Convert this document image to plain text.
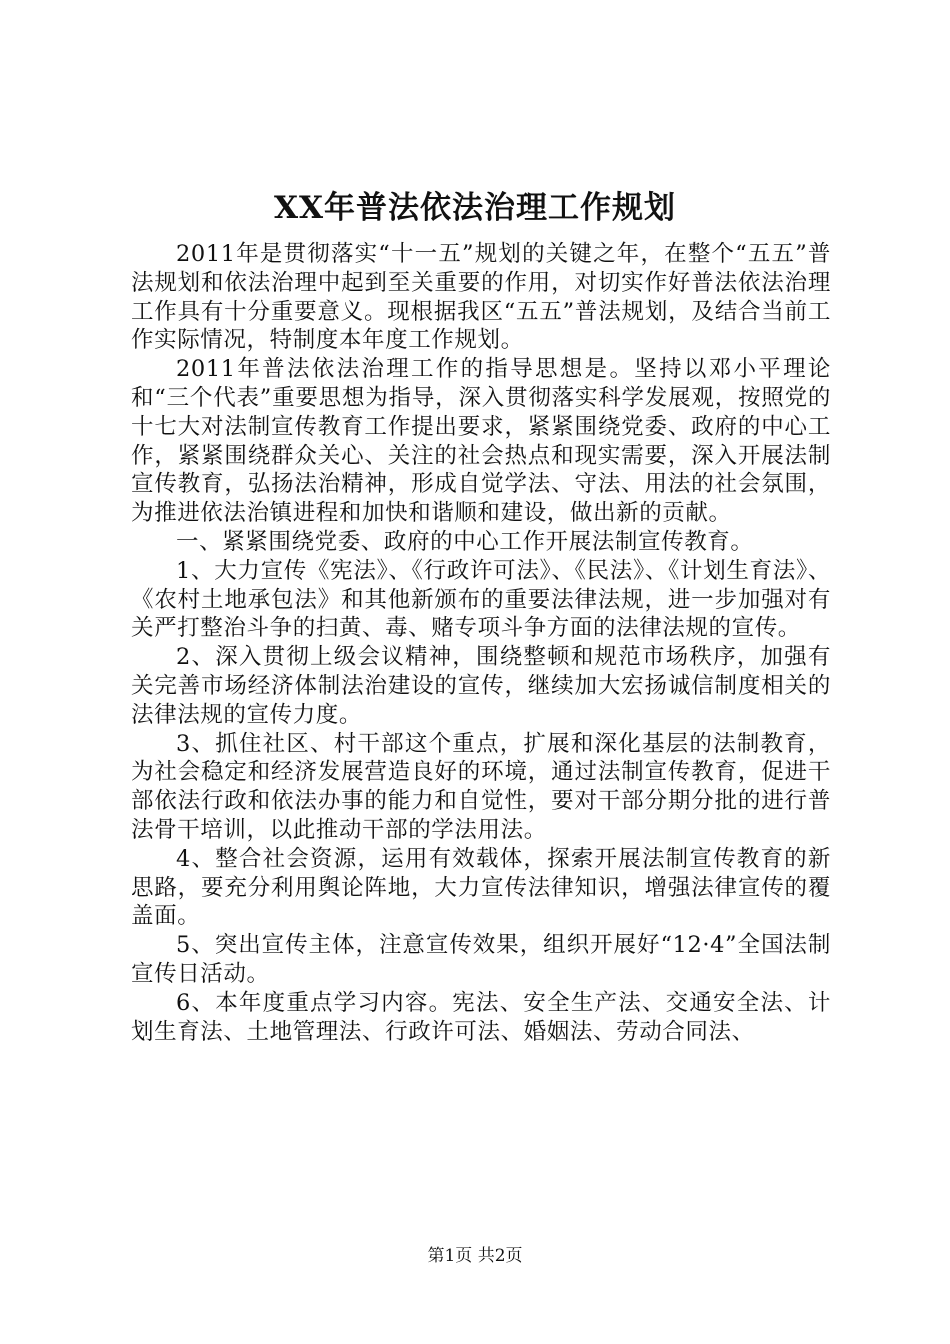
XX年普法依法治理工作规划

2011年是贯彻落实“十一五”规划的关键之年，在整个“五五”普法规划和依法治理中起到至关重要的作用，对切实作好普法依法治理工作具有十分重要意义。现根据我区“五五”普法规划，及结合当前工作实际情况，特制度本年度工作规划。

2011年普法依法治理工作的指导思想是。坚持以邓小平理论和“三个代表”重要思想为指导，深入贯彻落实科学发展观，按照党的十七大对法制宣传教育工作提出要求，紧紧围绕党委、政府的中心工作，紧紧围绕群众关心、关注的社会热点和现实需要，深入开展法制宣传教育，弘扬法治精神，形成自觉学法、守法、用法的社会氛围，为推进依法治镇进程和加快和谐顺和建设，做出新的贡献。

一、紧紧围绕党委、政府的中心工作开展法制宣传教育。

1、大力宣传《宪法》、《行政许可法》、《民法》、《计划生育法》、《农村土地承包法》和其他新颁布的重要法律法规，进一步加强对有关严打整治斗争的扫黄、毒、赌专项斗争方面的法律法规的宣传。

2、深入贯彻上级会议精神，围绕整顿和规范市场秩序，加强有关完善市场经济体制法治建设的宣传，继续加大宏扬诚信制度相关的法律法规的宣传力度。

3、抓住社区、村干部这个重点，扩展和深化基层的法制教育，为社会稳定和经济发展营造良好的环境，通过法制宣传教育，促进干部依法行政和依法办事的能力和自觉性，要对干部分期分批的进行普法骨干培训，以此推动干部的学法用法。

4、整合社会资源，运用有效载体，探索开展法制宣传教育的新思路，要充分利用舆论阵地，大力宣传法律知识，增强法律宣传的覆盖面。

5、突出宣传主体，注意宣传效果，组织开展好“12·4”全国法制宣传日活动。

6、本年度重点学习内容。宪法、安全生产法、交通安全法、计划生育法、土地管理法、行政许可法、婚姻法、劳动合同法、

第1页 共2页
